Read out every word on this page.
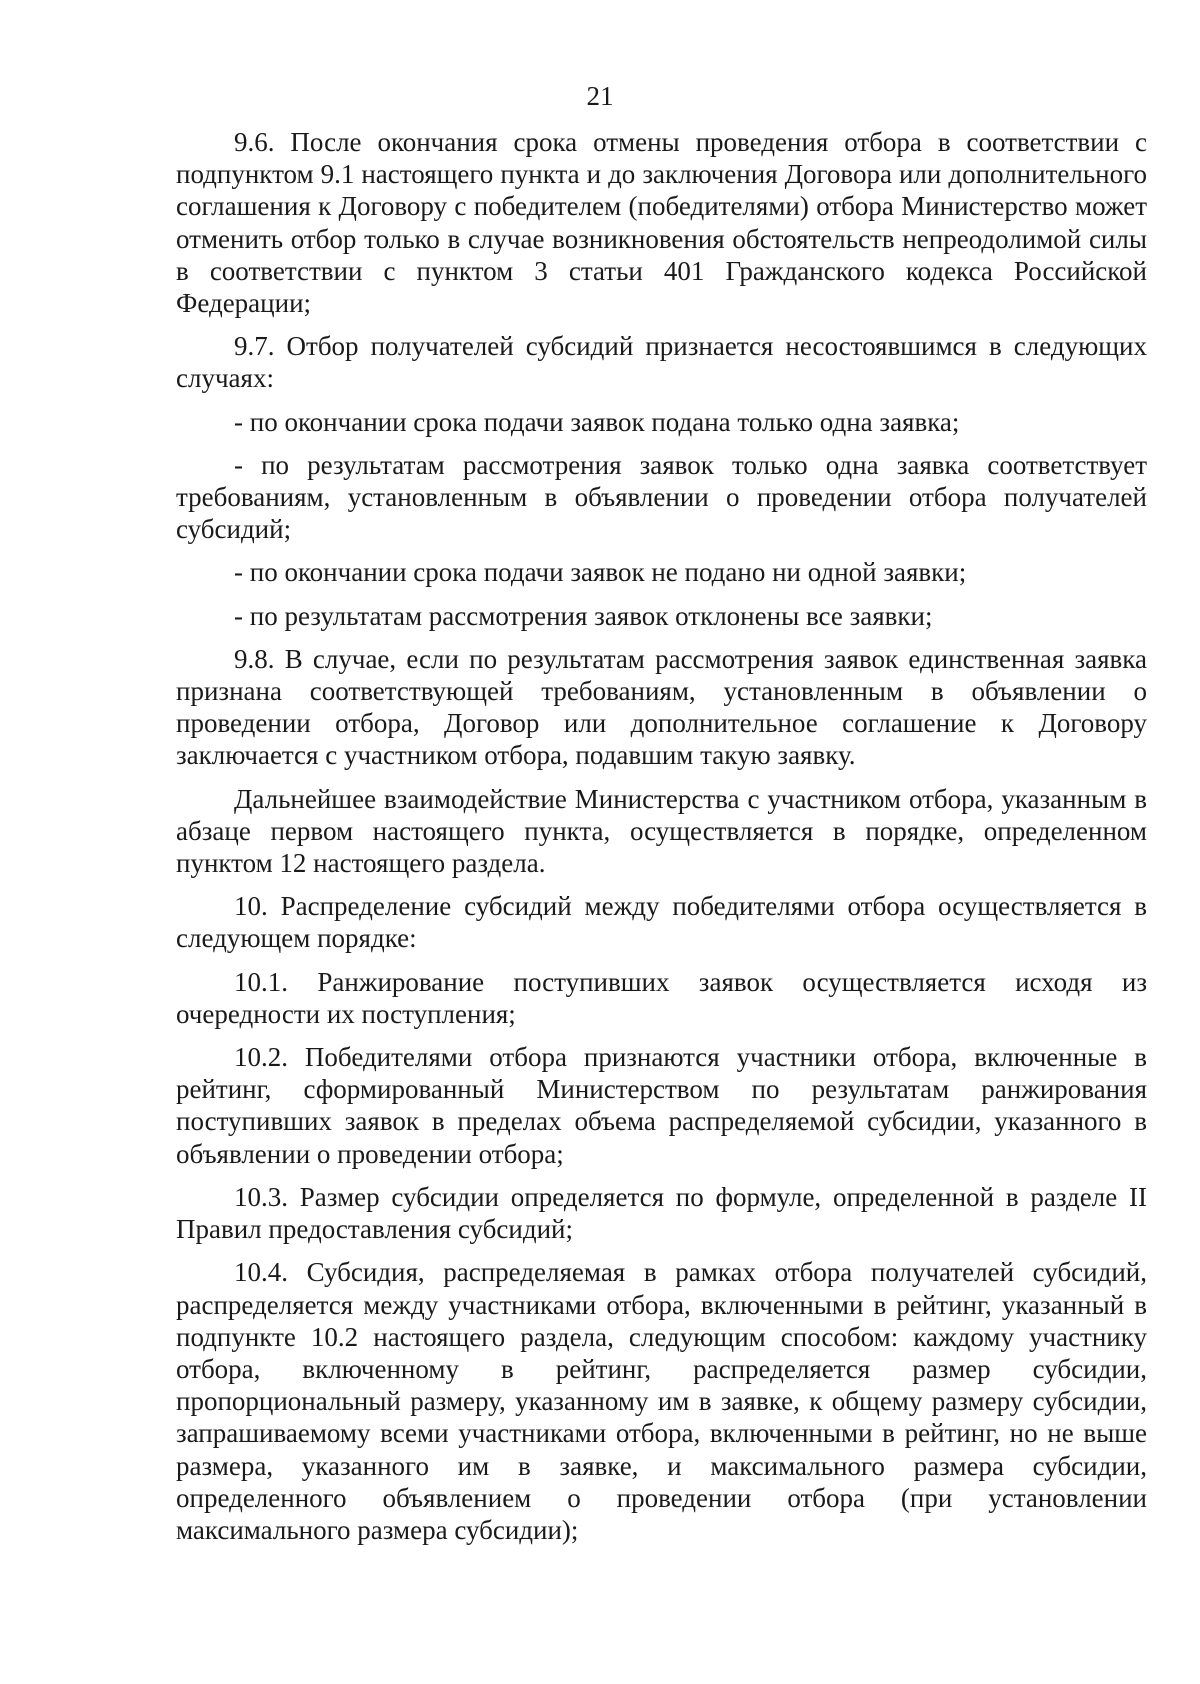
21

9.6. После окончания срока отмены проведения отбора в соответствии с подпунктом 9.1 настоящего пункта и до заключения Договора или дополнительного соглашения к Договору с победителем (победителями) отбора Министерство может отменить отбор только в случае возникновения обстоятельств непреодолимой силы в соответствии с пунктом 3 статьи 401 Гражданского кодекса Российской Федерации;

9.7. Отбор получателей субсидий признается несостоявшимся в следующих случаях:

- по окончании срока подачи заявок подана только одна заявка;

- по результатам рассмотрения заявок только одна заявка соответствует требованиям, установленным в объявлении о проведении отбора получателей субсидий;

- по окончании срока подачи заявок не подано ни одной заявки;

- по результатам рассмотрения заявок отклонены все заявки;

9.8. В случае, если по результатам рассмотрения заявок единственная заявка признана соответствующей требованиям, установленным в объявлении о проведении отбора, Договор или дополнительное соглашение к Договору заключается с участником отбора, подавшим такую заявку.

Дальнейшее взаимодействие Министерства с участником отбора, указанным в абзаце первом настоящего пункта, осуществляется в порядке, определенном пунктом 12 настоящего раздела.

10. Распределение субсидий между победителями отбора осуществляется в следующем порядке:

10.1. Ранжирование поступивших заявок осуществляется исходя из очередности их поступления;

10.2. Победителями отбора признаются участники отбора, включенные в рейтинг, сформированный Министерством по результатам ранжирования поступивших заявок в пределах объема распределяемой субсидии, указанного в объявлении о проведении отбора;

10.3. Размер субсидии определяется по формуле, определенной в разделе II Правил предоставления субсидий;

10.4. Субсидия, распределяемая в рамках отбора получателей субсидий, распределяется между участниками отбора, включенными в рейтинг, указанный в подпункте 10.2 настоящего раздела, следующим способом: каждому участнику отбора, включенному в рейтинг, распределяется размер субсидии, пропорциональный размеру, указанному им в заявке, к общему размеру субсидии, запрашиваемому всеми участниками отбора, включенными в рейтинг, но не выше размера, указанного им в заявке, и максимального размера субсидии, определенного объявлением о проведении отбора (при установлении максимального размера субсидии);
